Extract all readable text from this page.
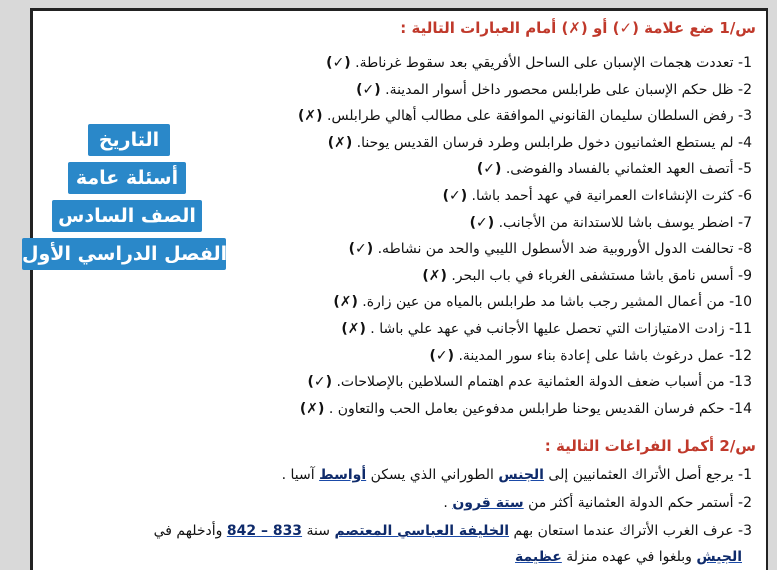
س/1 ضع علامة (✓) أو (✗) أمام العبارات التالية :
1- تعددت هجمات الإسبان على الساحل الأفريقي بعد سقوط غرناطة. (✓)
2- ظل حكم الإسبان على طرابلس محصور داخل أسوار المدينة. (✓)
3- رفض السلطان سليمان القانوني الموافقة على مطالب أهالي طرابلس. (✗)
4- لم يستطع العثمانيون دخول طرابلس وطرد فرسان القديس يوحنا. (✗)
5- أتصف العهد العثماني بالفساد والفوضى. (✓)
6- كثرت الإنشاءات العمرانية في عهد أحمد باشا. (✓)
7- اضطر يوسف باشا للاستدانة من الأجانب. (✓)
8- تحالفت الدول الأوروبية ضد الأسطول الليبي والحد من نشاطه. (✓)
9- أسس نامق باشا مستشفى الغرباء في باب البحر. (✗)
10- من أعمال المشير رجب باشا مد طرابلس بالمياه من عين زارة. (✗)
11- زادت الامتيازات التي تحصل عليها الأجانب في عهد علي باشا . (✗)
12- عمل درغوث باشا على إعادة بناء سور المدينة. (✓)
13- من أسباب ضعف الدولة العثمانية عدم اهتمام السلاطين بالإصلاحات. (✓)
14- حكم فرسان القديس يوحنا طرابلس مدفوعين بعامل الحب والتعاون . (✗)
س/2 أكمل الفراغات التالية :
1- يرجع أصل الأتراك العثمانيين إلى الجنس الطوراني الذي يسكن أواسط آسيا .
2- أستمر حكم الدولة العثمانية أكثر من ستة قرون .
3- عرف الغرب الأتراك عندما استعان بهم الخليفة العباسي المعتصم سنة 833 – 842 وأدخلهم في
الجيش وبلغوا في عهده منزلة عظيمة
التاريخ
أسئلة عامة
الصف السادس
الفصل الدراسي الأول
